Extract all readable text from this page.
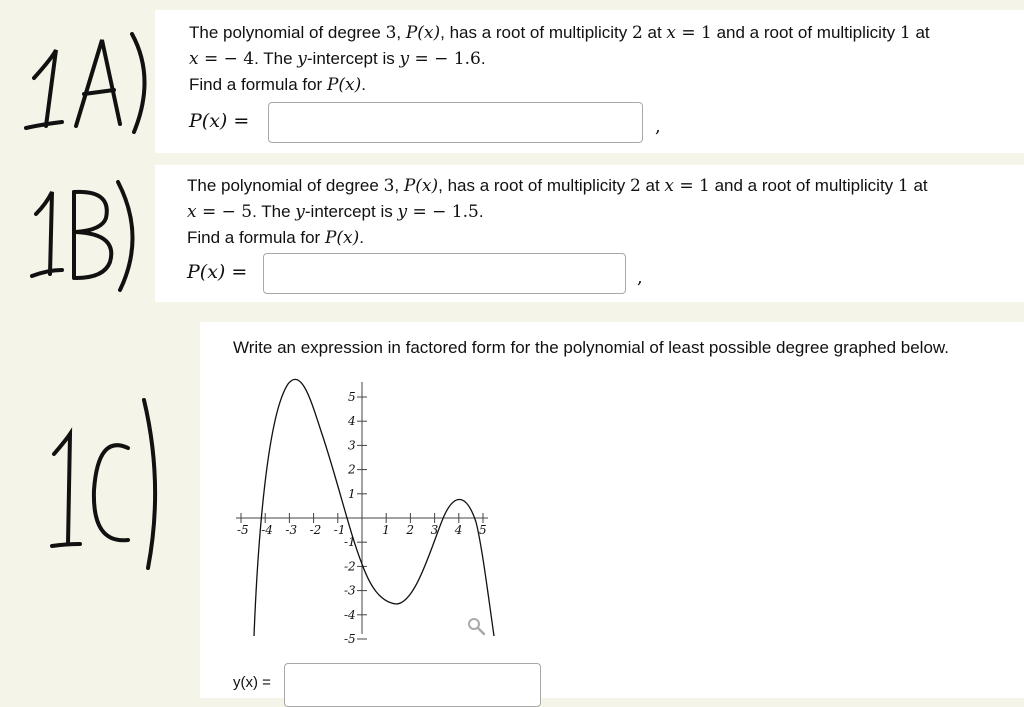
The polynomial of degree 3, P(x), has a root of multiplicity 2 at x = 1 and a root of multiplicity 1 at
x = − 4. The y-intercept is y = − 1.6.
Find a formula for P(x).
P(x) =	,
The polynomial of degree 3, P(x), has a root of multiplicity 2 at x = 1 and a root of multiplicity 1 at
x = − 5. The y-intercept is y = − 1.5.
Find a formula for P(x).
P(x) =	,
Write an expression in factored form for the polynomial of least possible degree graphed below.
-5 -4 -3 -2 -1	1 2 3 4 5
5
4
3
2
1
-1
-2
-3
-4
-5
y(x) =
